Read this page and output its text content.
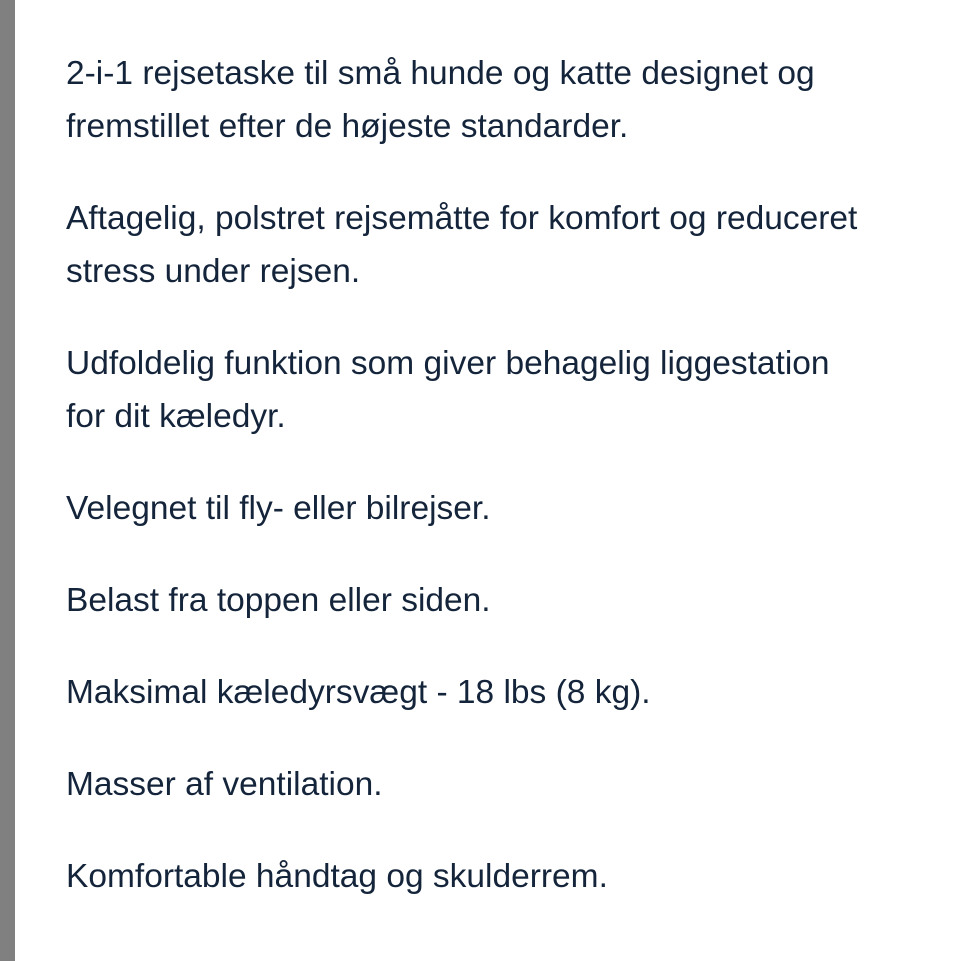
2-i-1 rejsetaske til små hunde og katte designet og
fremstillet efter de højeste standarder.

Aftagelig, polstret rejsemåtte for komfort og reduceret
stress under rejsen.

Udfoldelig funktion som giver behagelig liggestation
for dit kæledyr.

Velegnet til fly- eller bilrejser.

Belast fra toppen eller siden.

Maksimal kæledyrsvægt - 18 lbs (8 kg).

Masser af ventilation.

Komfortable håndtag og skulderrem.
